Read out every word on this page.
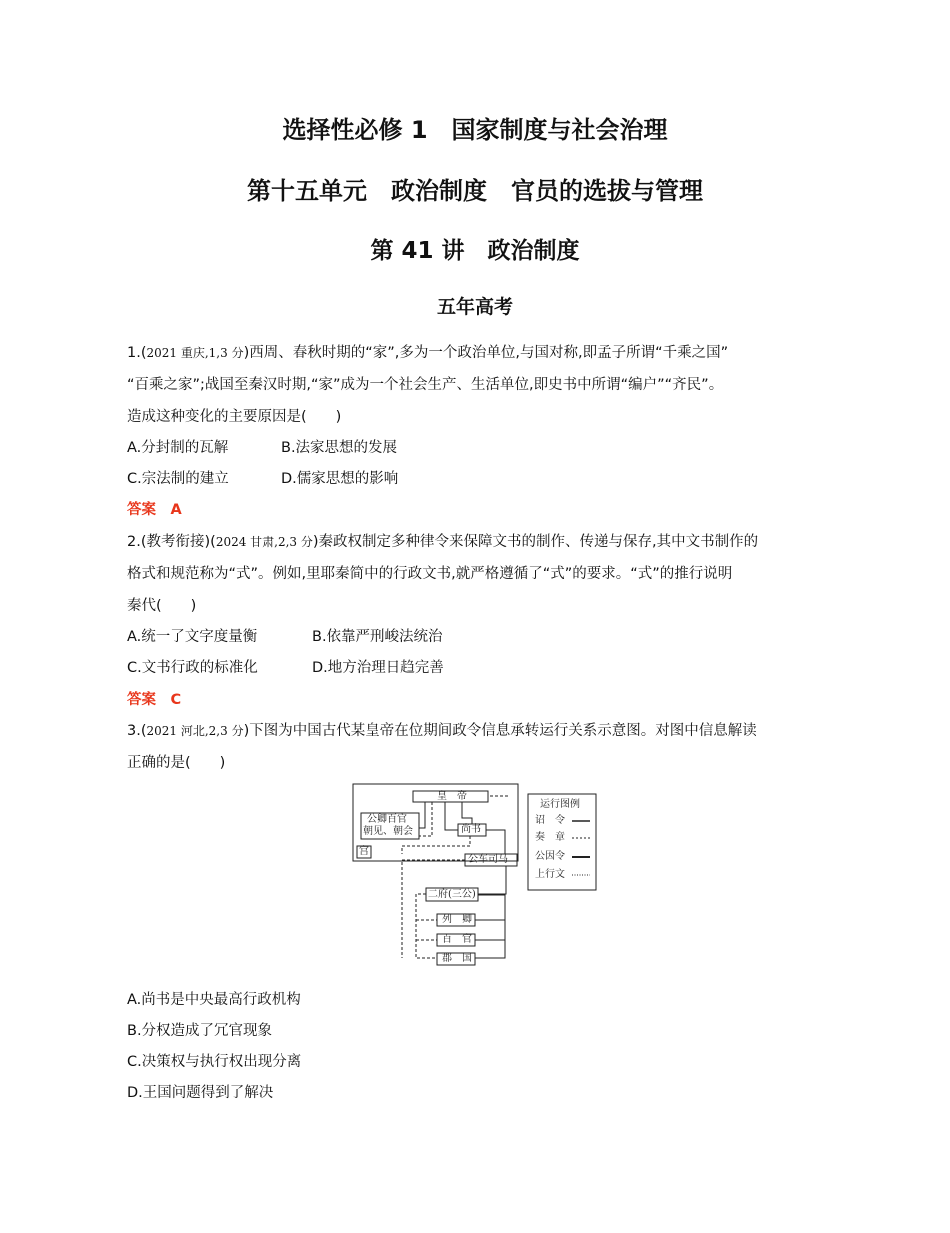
选择性必修 1　国家制度与社会治理
第十五单元　政治制度　官员的选拔与管理
第 41 讲　政治制度
五年高考
1.(2021 重庆,1,3 分)西周、春秋时期的“家”,多为一个政治单位,与国对称,即孟子所谓“千乘之国”
“百乘之家”;战国至秦汉时期,“家”成为一个社会生产、生活单位,即史书中所谓“编户”“齐民”。
造成这种变化的主要原因是(　　)
A.分封制的瓦解	B.法家思想的发展
C.宗法制的建立	D.儒家思想的影响
答案　A
2.(教考衔接)(2024 甘肃,2,3 分)秦政权制定多种律令来保障文书的制作、传递与保存,其中文书制作的
格式和规范称为“式”。例如,里耶秦简中的行政文书,就严格遵循了“式”的要求。“式”的推行说明
秦代(　　)
A.统一了文字度量衡	B.依靠严刑峻法统治
C.文书行政的标准化	D.地方治理日趋完善
答案　C
3.(2021 河北,2,3 分)下图为中国古代某皇帝在位期间政令信息承转运行关系示意图。对图中信息解读
正确的是(　　)
皇　帝
公卿百官
朝见、朝会	尚书
宫
公车司马
二府(三公)
列　卿
百　官
郡　国
运行图例
诏　令
奏　章
公因令
上行文
A.尚书是中央最高行政机构
B.分权造成了冗官现象
C.决策权与执行权出现分离
D.王国问题得到了解决
